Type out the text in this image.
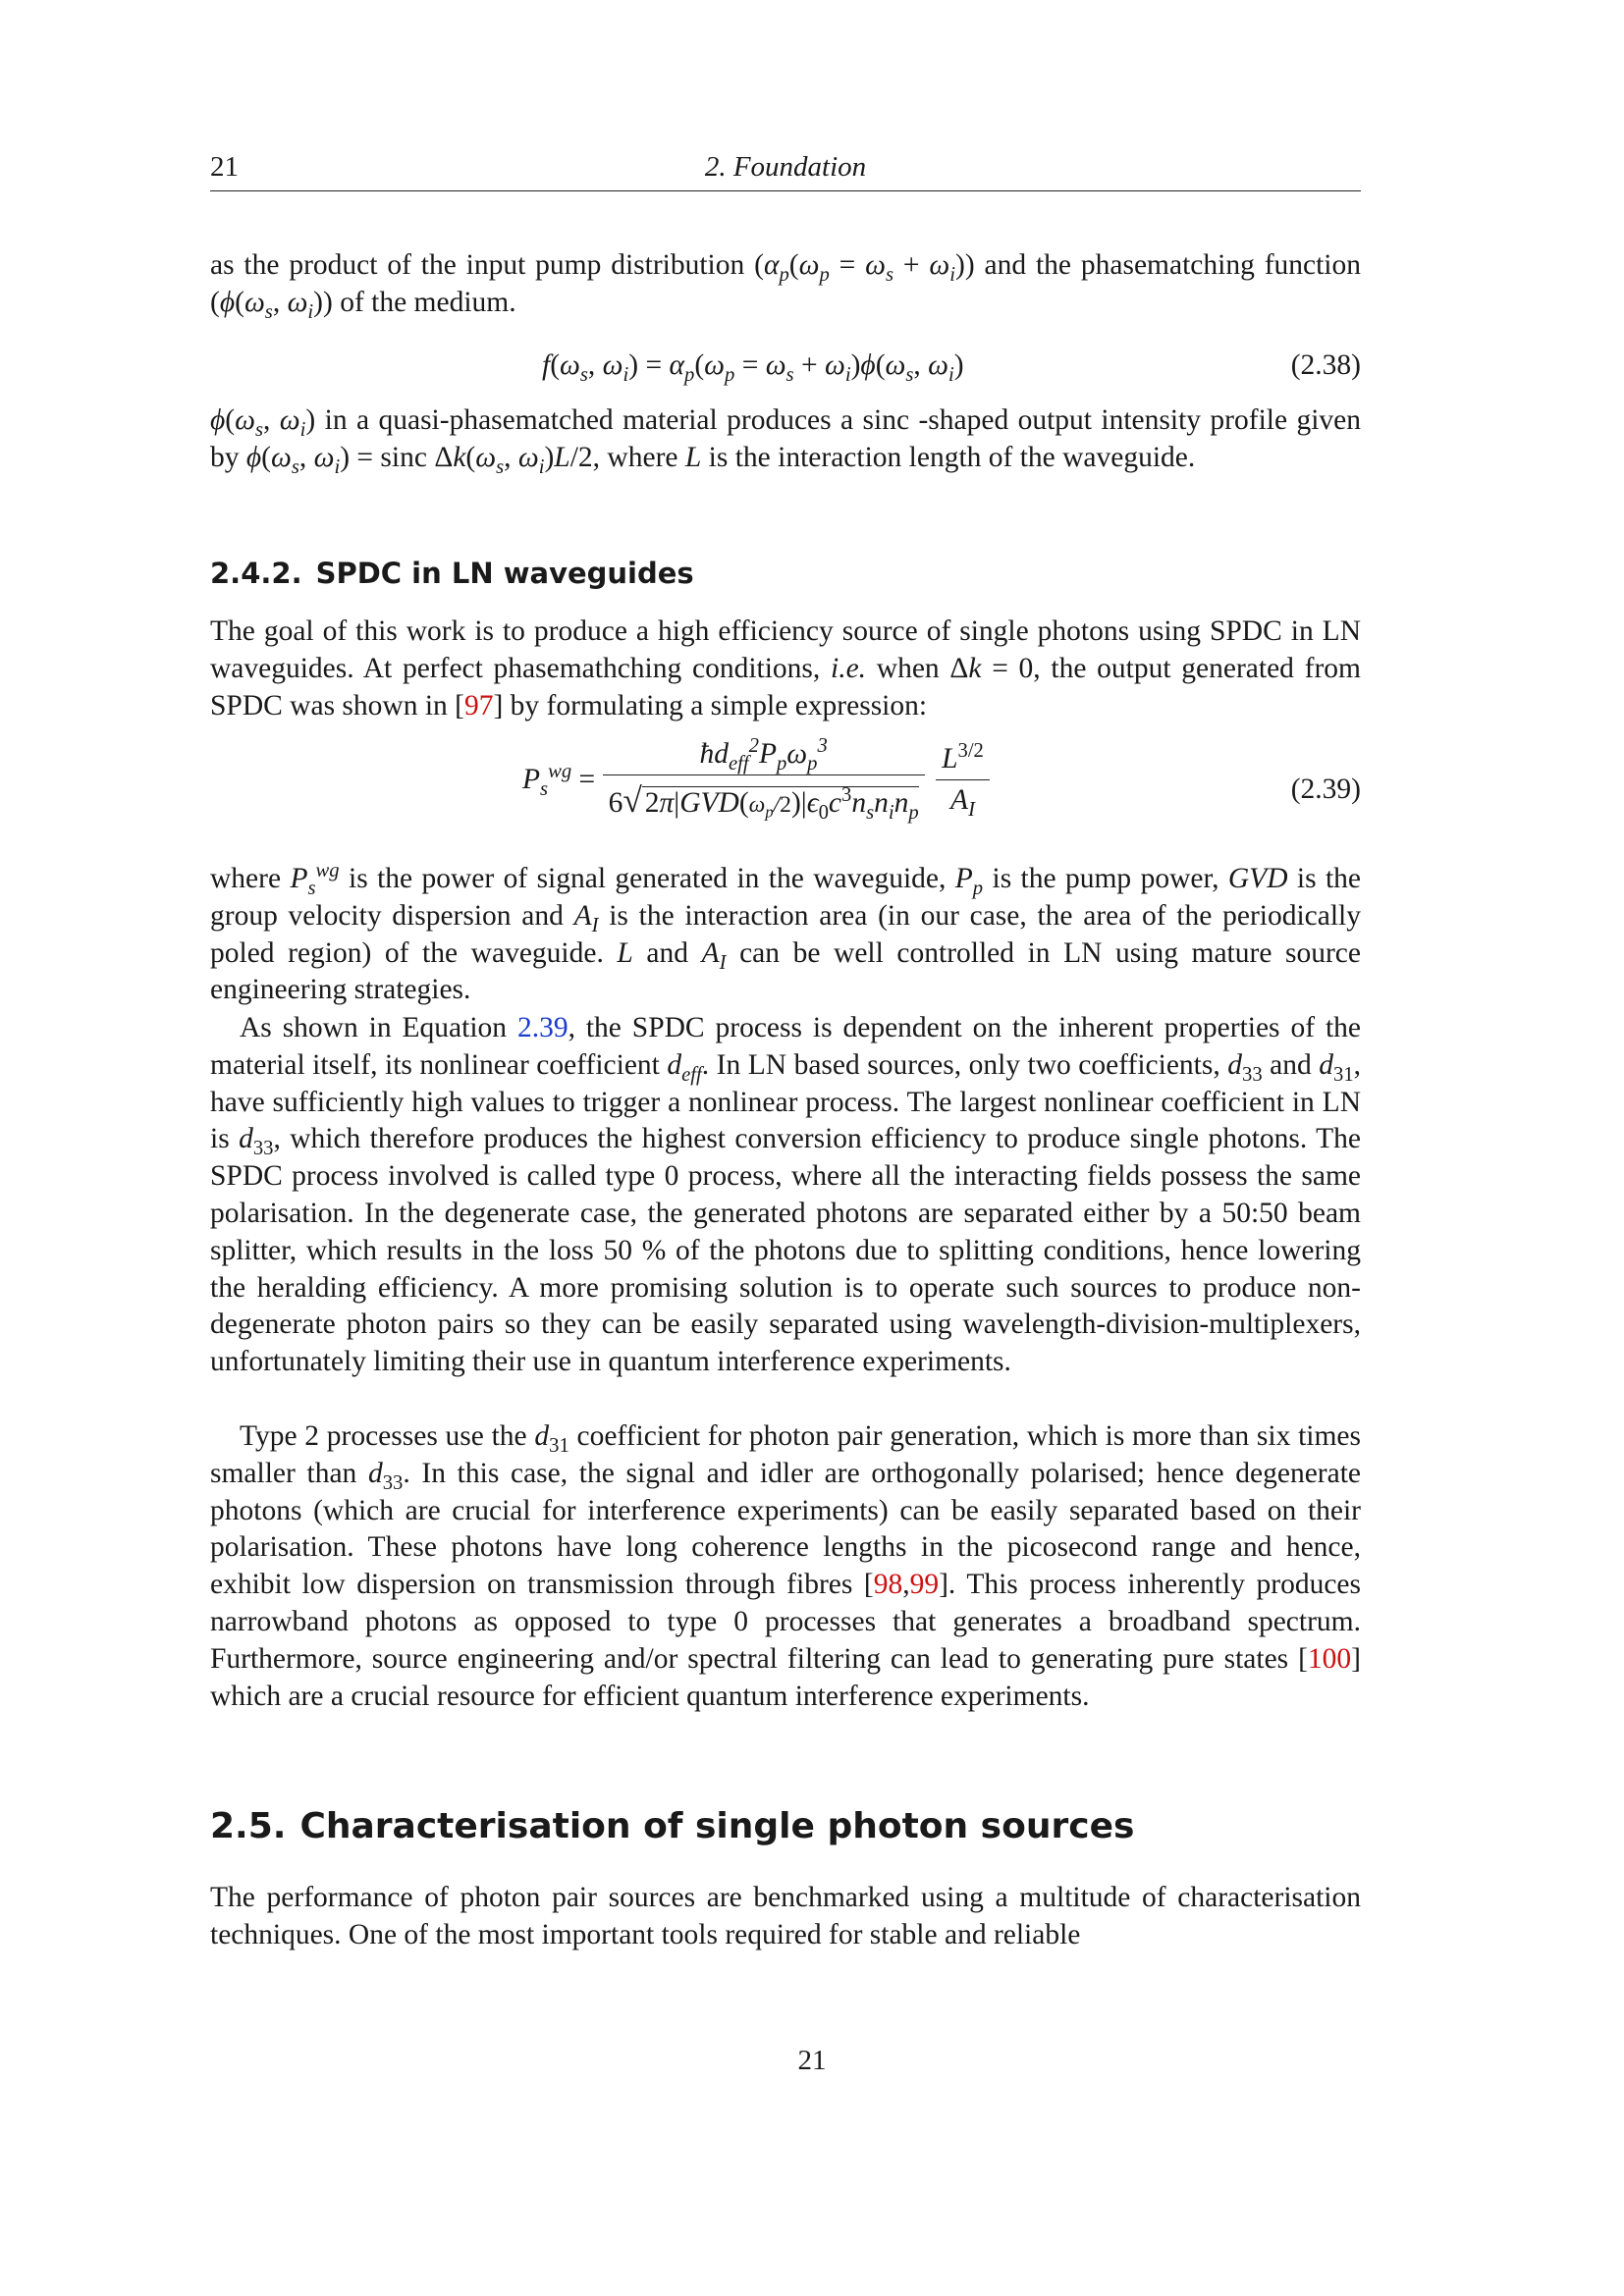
21	2. Foundation

as the product of the input pump distribution $(\alpha_p(\omega_p = \omega_s + \omega_i))$ and the phasematching function ($\phi(\omega_s$, $\omega_i$)) of the medium.

$f(\omega_s$, $\omega_i) = \alpha_p(\omega_p = \omega_s + \omega_i)\phi(\omega_s$, $\omega_i$)	(2.38)

$\phi(\omega_s$, $\omega_i$) in a quasi-phasematched material produces a sinc -shaped output intensity profile given by $\phi(\omega_s$, $\omega_i) = \sin c$ $\Delta k(\omega_s$, $\omega_i)L/2$, where L is the interaction length of the waveguide.

2.4.2. SPDC in LN waveguides

The goal of this work is to produce a high efficiency source of single photons using SPDC in LN waveguides. At perfect phasemathching conditions, i.e. when Δk = 0, the output generated from SPDC was shown in [97] by formulating a simple expression:

$P_s^{wg} = \frac{ħd_{eff}^2P_p\omega_p^3}{6√ 2\pi|GVD(\omega_p/2)|\epsilon_0c^3n_sn_in_p}$
$\frac{L^{3/2}}{A_I}$	(2.39)

where $P_s^{wg}$ is the power of signal generated in the waveguide, $P_p$ is the pump power, GVD is the group velocity dispersion and $A_I$ is the interaction area (in our case, the area of the periodically poled region) of the waveguide. L and $A_I$ can be well controlled in LN using mature source engineering strategies.

As shown in Equation 2.39, the SPDC process is dependent on the inherent properties of the material itself, its nonlinear coefficient $d_{eff}$. In LN based sources, only two coefficients, $d_{33}$ and $d_{31}$, have sufficiently high values to trigger a nonlinear process. The largest nonlinear coefficient in LN is $d_{33}$, which therefore produces the highest conversion efficiency to produce single photons. The SPDC process involved is called type 0 process, where all the interacting fields possess the same polarisation. In the degenerate case, the generated photons are separated either by a 50:50 beam splitter, which results in the loss 50 % of the photons due to splitting conditions, hence lowering the heralding efficiency. A more promising solution is to operate such sources to produce non-degenerate photon pairs so they can be easily separated using wavelength-division-multiplexers, unfortunately limiting their use in quantum interference experiments.

Type 2 processes use the $d_{31}$ coefficient for photon pair generation, which is more than six times smaller than $d_{33}$. In this case, the signal and idler are orthogonally polarised; hence degenerate photons (which are crucial for interference experiments) can be easily separated based on their polarisation. These photons have long coherence lengths in the picosecond range and hence, exhibit low dispersion on transmission through fibres [98,99]. This process inherently produces narrowband photons as opposed to type 0 processes that generates a broadband spectrum. Furthermore, source engineering and/or spectral filtering can lead to generating pure states [100] which are a crucial resource for efficient quantum interference experiments.

2.5. Characterisation of single photon sources

The performance of photon pair sources are benchmarked using a multitude of characterisation techniques. One of the most important tools required for stable and reliable

21
